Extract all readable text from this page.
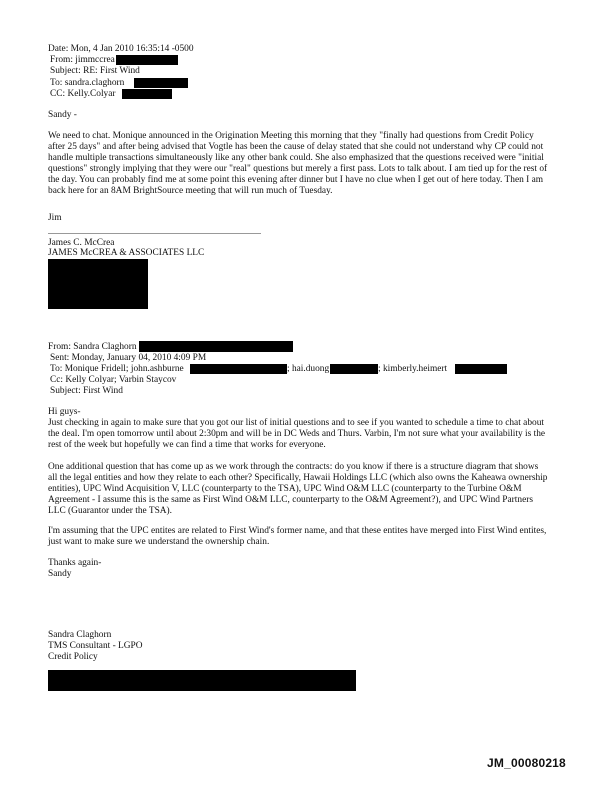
Date: Mon, 4 Jan 2010 16:35:14 -0500
From: jimmccrea
Subject: RE: First Wind
To: sandra.claghorn
CC: Kelly.Colyar
Sandy -
We need to chat. Monique announced in the Origination Meeting this morning that they "finally had questions from Credit Policy
after 25 days" and after being advised that Vogtle has been the cause of delay stated that she could not understand why CP could not
handle multiple transactions simultaneously like any other bank could. She also emphasized that the questions received were "initial
questions" strongly implying that they were our "real" questions but merely a first pass. Lots to talk about. I am tied up for the rest of
the day. You can probably find me at some point this evening after dinner but I have no clue when I get out of here today. Then I am
back here for an 8AM BrightSource meeting that will run much of Tuesday.
Jim
James C. McCrea
JAMES McCREA & ASSOCIATES LLC
From: Sandra Claghorn
Sent: Monday, January 04, 2010 4:09 PM
To: Monique Fridell; john.ashburne	; hai.duong	; kimberly.heimert
Cc: Kelly Colyar; Varbin Staycov
Subject: First Wind
Hi guys-
Just checking in again to make sure that you got our list of initial questions and to see if you wanted to schedule a time to chat about
the deal. I'm open tomorrow until about 2:30pm and will be in DC Weds and Thurs. Varbin, I'm not sure what your availability is the
rest of the week but hopefully we can find a time that works for everyone.
One additional question that has come up as we work through the contracts: do you know if there is a structure diagram that shows
all the legal entities and how they relate to each other? Specifically, Hawaii Holdings LLC (which also owns the Kaheawa ownership
entities), UPC Wind Acquisition V, LLC (counterparty to the TSA), UPC Wind O&M LLC (counterparty to the Turbine O&M
Agreement - I assume this is the same as First Wind O&M LLC, counterparty to the O&M Agreement?), and UPC Wind Partners
LLC (Guarantor under the TSA).
I'm assuming that the UPC entites are related to First Wind's former name, and that these entites have merged into First Wind entites,
just want to make sure we understand the ownership chain.
Thanks again-
Sandy
Sandra Claghorn
TMS Consultant - LGPO
Credit Policy
JM_00080218
